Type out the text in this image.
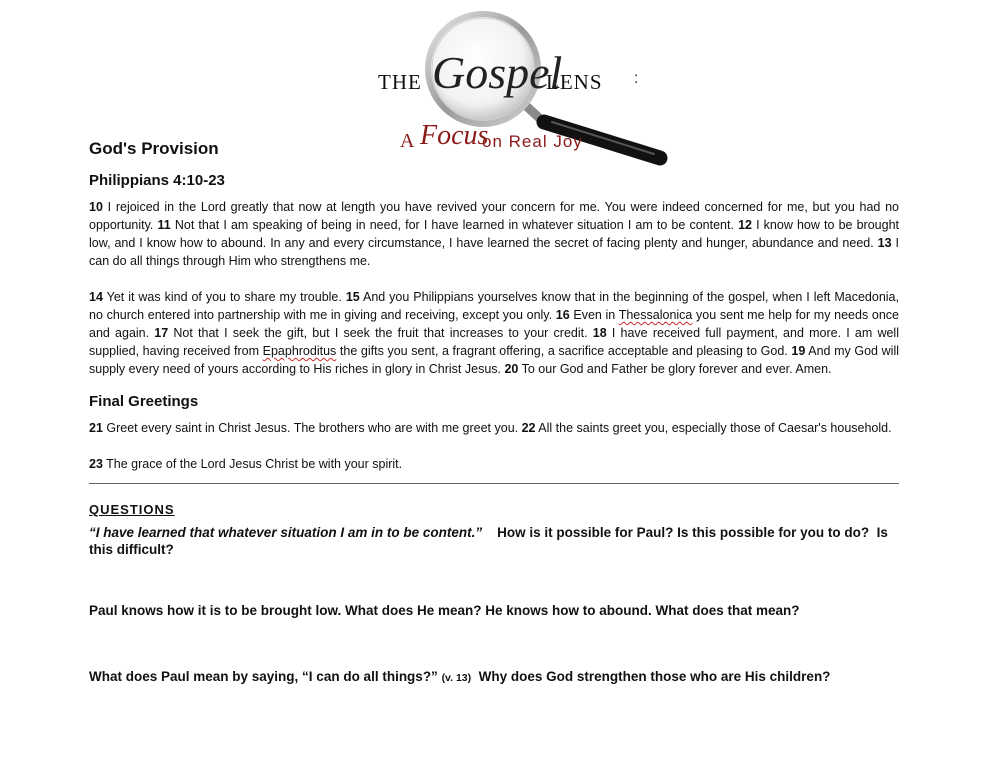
THE Gospel
LENS :
A Focus
on Real Joy
God's Provision
Philippians 4:10-23

10 I rejoiced in the Lord greatly that now at length you have revived your concern for me. You were indeed concerned for me, but you had no opportunity. 11 Not that I am speaking of being in need, for I have learned in whatever situation I am to be content. 12 I know how to be brought low, and I know how to abound. In any and every circumstance, I have learned the secret of facing plenty and hunger, abundance and need. 13 I can do all things through Him who strengthens me.

14 Yet it was kind of you to share my trouble. 15 And you Philippians yourselves know that in the beginning of the gospel, when I left Macedonia, no church entered into partnership with me in giving and receiving, except you only. 16 Even in Thessalonica you sent me help for my needs once and again. 17 Not that I seek the gift, but I seek the fruit that increases to your credit. 18 I have received full payment, and more. I am well supplied, having received from Epaphroditus the gifts you sent, a fragrant offering, a sacrifice acceptable and pleasing to God. 19 And my God will supply every need of yours according to His riches in glory in Christ Jesus. 20 To our God and Father be glory forever and ever. Amen.

Final Greetings

21 Greet every saint in Christ Jesus. The brothers who are with me greet you. 22 All the saints greet you, especially those of Caesar's household.

23 The grace of the Lord Jesus Christ be with your spirit.

QUESTIONS
“I have learned that whatever situation I am in to be content.”    How is it possible for Paul? Is this possible for you to do?  Is this difficult?
Paul knows how it is to be brought low. What does He mean? He knows how to abound. What does that mean?
What does Paul mean by saying, “I can do all things?” (v. 13)  Why does God strengthen those who are His children?
